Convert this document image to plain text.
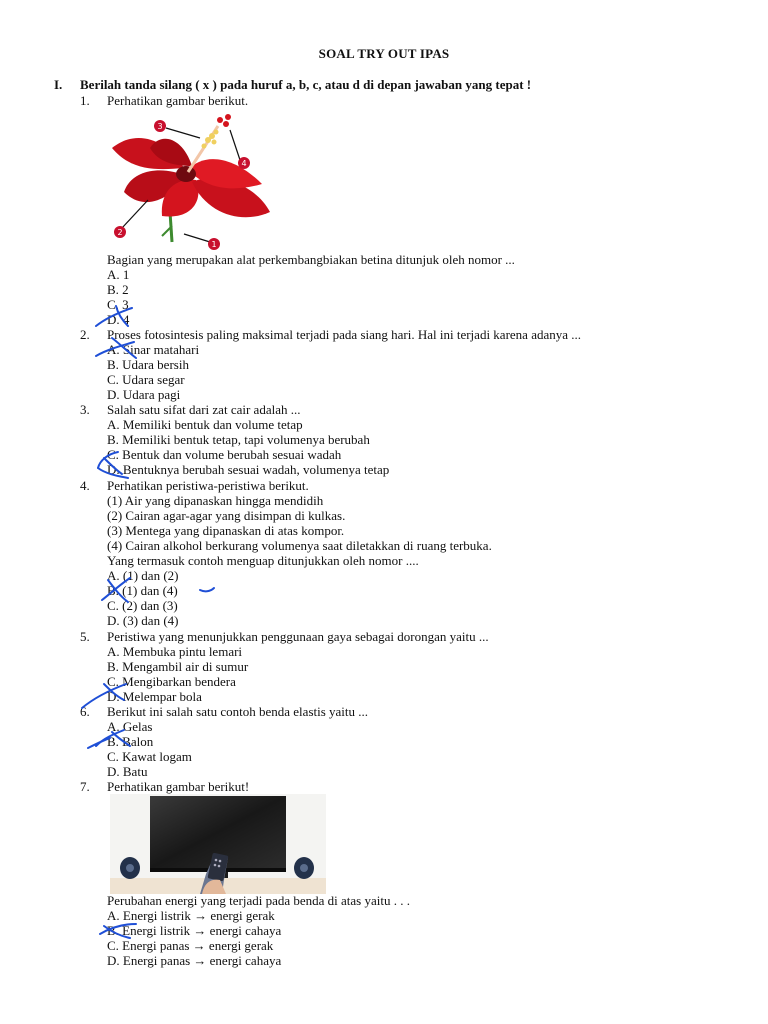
SOAL TRY OUT IPAS
I. Berilah tanda silang ( x ) pada huruf a, b, c, atau d di depan jawaban yang tepat !
1. Perhatikan gambar berikut.
3
4
2
1
Bagian yang merupakan alat perkembangbiakan betina ditunjuk oleh nomor ...
A. 1
B. 2
C. 3
D. 4
2. Proses fotosintesis paling maksimal terjadi pada siang hari. Hal ini terjadi karena adanya ...
A. Sinar matahari
B. Udara bersih
C. Udara segar
D. Udara pagi
3. Salah satu sifat dari zat cair adalah ...
A. Memiliki bentuk dan volume tetap
B. Memiliki bentuk tetap, tapi volumenya berubah
C. Bentuk dan volume berubah sesuai wadah
D. Bentuknya berubah sesuai wadah, volumenya tetap
4. Perhatikan peristiwa-peristiwa berikut.
(1) Air yang dipanaskan hingga mendidih
(2) Cairan agar-agar yang disimpan di kulkas.
(3) Mentega yang dipanaskan di atas kompor.
(4) Cairan alkohol berkurang volumenya saat diletakkan di ruang terbuka.
Yang termasuk contoh menguap ditunjukkan oleh nomor ....
A. (1) dan (2)
B. (1) dan (4)
C. (2) dan (3)
D. (3) dan (4)
5. Peristiwa yang menunjukkan penggunaan gaya sebagai dorongan yaitu ...
A. Membuka pintu lemari
B. Mengambil air di sumur
C. Mengibarkan bendera
D. Melempar bola
6. Berikut ini salah satu contoh benda elastis yaitu ...
A. Gelas
B. Balon
C. Kawat logam
D. Batu
7. Perhatikan gambar berikut!
Perubahan energi yang terjadi pada benda di atas yaitu . . .
A. Energi listrik → energi gerak
B. Energi listrik → energi cahaya
C. Energi panas → energi gerak
D. Energi panas → energi cahaya
